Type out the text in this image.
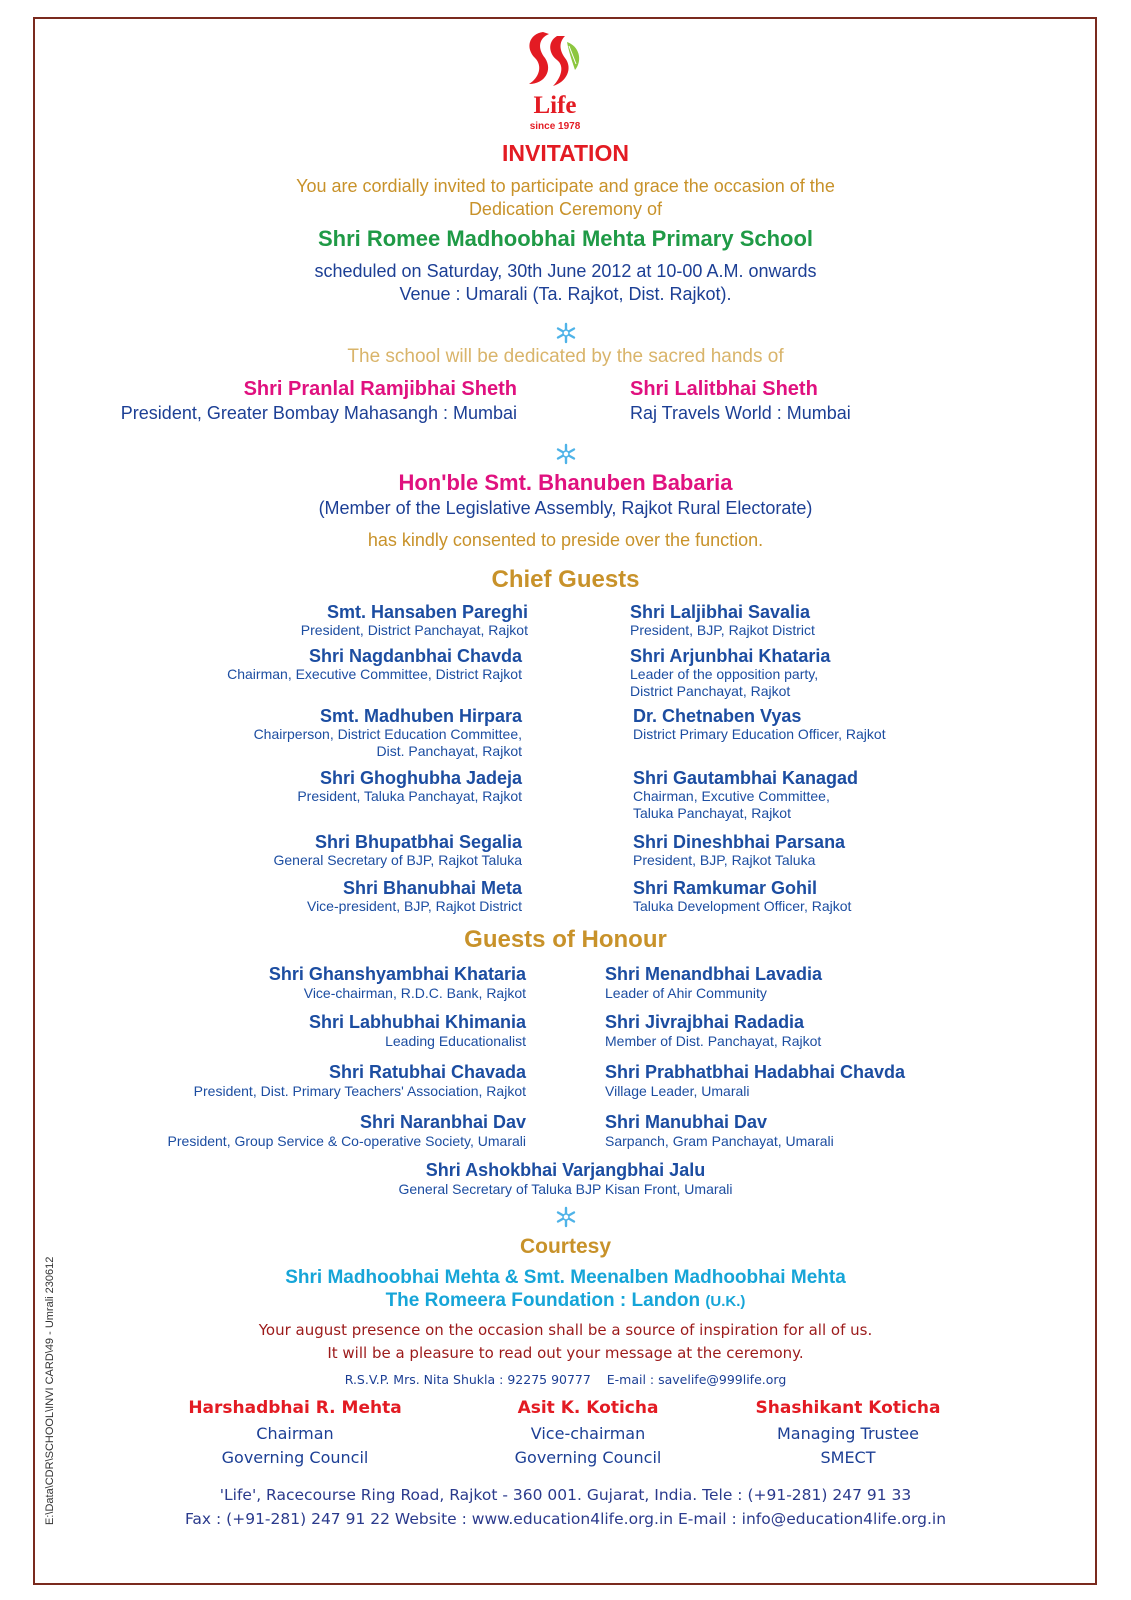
Life
since 1978
INVITATION
You are cordially invited to participate and grace the occasion of the
Dedication Ceremony of
Shri Romee Madhoobhai Mehta Primary School
scheduled on Saturday, 30th June 2012 at 10-00 A.M. onwards
Venue : Umarali (Ta. Rajkot, Dist. Rajkot).
The school will be dedicated by the sacred hands of
Shri Pranlal Ramjibhai Sheth
President, Greater Bombay Mahasangh : Mumbai
Shri Lalitbhai Sheth
Raj Travels World : Mumbai
Hon'ble Smt. Bhanuben Babaria
(Member of the Legislative Assembly, Rajkot Rural Electorate)
has kindly consented to preside over the function.
Chief Guests
Smt. Hansaben Pareghi
President, District Panchayat, Rajkot
Shri Nagdanbhai Chavda
Chairman, Executive Committee, District Rajkot
Smt. Madhuben Hirpara
Chairperson, District Education Committee,
Dist. Panchayat, Rajkot
Shri Ghoghubha Jadeja
President, Taluka Panchayat, Rajkot
Shri Bhupatbhai Segalia
General Secretary of BJP, Rajkot Taluka
Shri Bhanubhai Meta
Vice-president, BJP, Rajkot District
Shri Laljibhai Savalia
President, BJP, Rajkot District
Shri Arjunbhai Khataria
Leader of the opposition party,
District Panchayat, Rajkot
Dr. Chetnaben Vyas
District Primary Education Officer, Rajkot
Shri Gautambhai Kanagad
Chairman, Excutive Committee,
Taluka Panchayat, Rajkot
Shri Dineshbhai Parsana
President, BJP, Rajkot Taluka
Shri Ramkumar Gohil
Taluka Development Officer, Rajkot
Guests of Honour
Shri Ghanshyambhai Khataria
Vice-chairman, R.D.C. Bank, Rajkot
Shri Labhubhai Khimania
Leading Educationalist
Shri Ratubhai Chavada
President, Dist. Primary Teachers' Association, Rajkot
Shri Naranbhai Dav
President, Group Service & Co-operative Society, Umarali
Shri Menandbhai Lavadia
Leader of Ahir Community
Shri Jivrajbhai Radadia
Member of Dist. Panchayat, Rajkot
Shri Prabhatbhai Hadabhai Chavda
Village Leader, Umarali
Shri Manubhai Dav
Sarpanch, Gram Panchayat, Umarali
Shri Ashokbhai Varjangbhai Jalu
General Secretary of Taluka BJP Kisan Front, Umarali
Courtesy
Shri Madhoobhai Mehta & Smt. Meenalben Madhoobhai Mehta
The Romeera Foundation : Landon (U.K.)
Your august presence on the occasion shall be a source of inspiration for all of us.
It will be a pleasure to read out your message at the ceremony.
R.S.V.P. Mrs. Nita Shukla : 92275 90777    E-mail : savelife@999life.org
Harshadbhai R. Mehta
Chairman
Governing Council
Asit K. Koticha
Vice-chairman
Governing Council
Shashikant Koticha
Managing Trustee
SMECT
'Life', Racecourse Ring Road, Rajkot - 360 001. Gujarat, India. Tele : (+91-281) 247 91 33
Fax : (+91-281) 247 91 22 Website : www.education4life.org.in E-mail : info@education4life.org.in
E:\Data\CDR\SCHOOL\INVI CARD\49 - Umrali 230612
